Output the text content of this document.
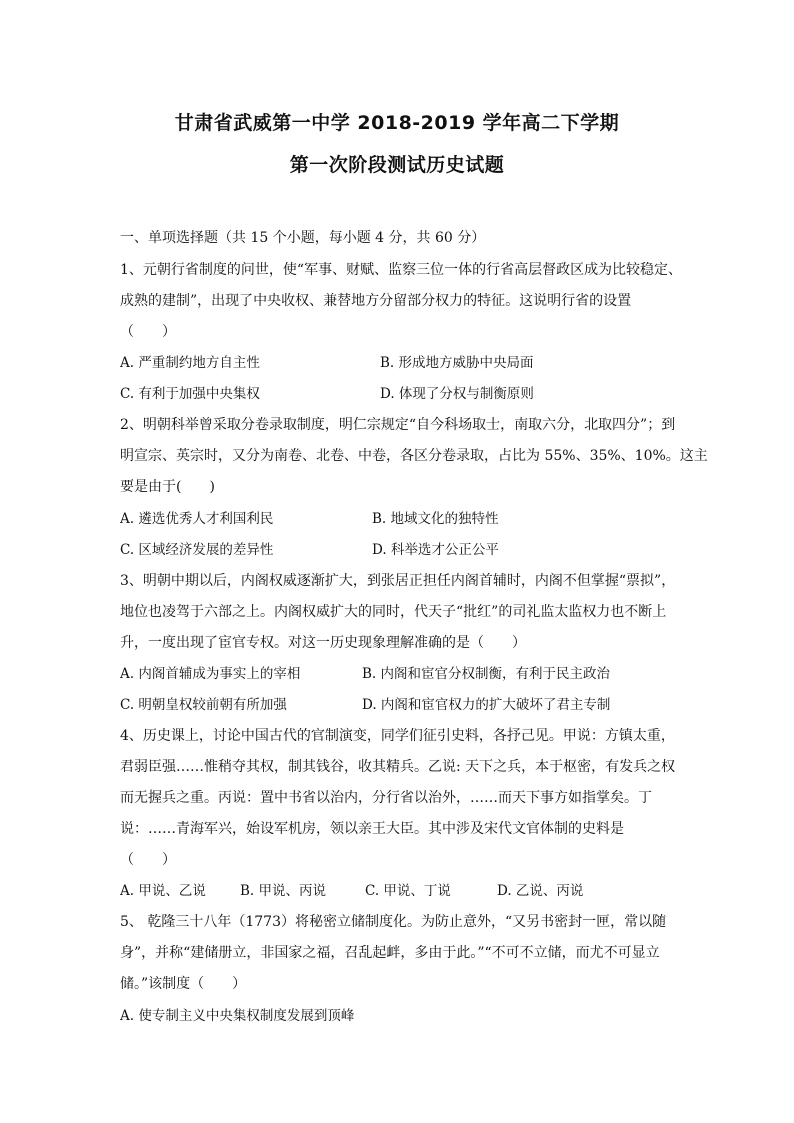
甘肃省武威第一中学 2018-2019 学年高二下学期
第一次阶段测试历史试题
一、单项选择题（共 15 个小题，每小题 4 分，共 60 分）
1、元朝行省制度的问世，使“军事、财赋、监察三位一体的行省高层督政区成为比较稳定、
成熟的建制”，出现了中央收权、兼替地方分留部分权力的特征。这说明行省的设置
（　　）
A. 严重制约地方自主性	B. 形成地方威胁中央局面
C. 有利于加强中央集权	D. 体现了分权与制衡原则
2、明朝科举曾采取分卷录取制度，明仁宗规定“自今科场取士，南取六分，北取四分”；到
明宣宗、英宗时，又分为南卷、北卷、中卷，各区分卷录取，占比为 55%、35%、10%。这主
要是由于(　　)
A. 遴选优秀人才利国利民	B. 地域文化的独特性
C. 区域经济发展的差异性	D. 科举选才公正公平
3、明朝中期以后，内阁权威逐渐扩大，到张居正担任内阁首辅时，内阁不但掌握“票拟”，
地位也凌驾于六部之上。内阁权威扩大的同时，代天子“批红”的司礼监太监权力也不断上
升，一度出现了宦官专权。对这一历史现象理解准确的是（　　）
A. 内阁首辅成为事实上的宰相	B. 内阁和宦官分权制衡，有利于民主政治
C. 明朝皇权较前朝有所加强	D. 内阁和宦官权力的扩大破坏了君主专制
4、历史课上，讨论中国古代的官制演变，同学们征引史料，各抒己见。甲说：方镇太重，
君弱臣强……惟稍夺其权，制其钱谷，收其精兵。乙说: 天下之兵，本于枢密，有发兵之权
而无握兵之重。丙说：置中书省以治内，分行省以治外，……而天下事方如指掌矣。丁
说：……青海军兴，始设军机房，领以亲王大臣。其中涉及宋代文官体制的史料是
（　　）
A. 甲说、乙说	B. 甲说、丙说	C. 甲说、丁说	D. 乙说、丙说
5、 乾隆三十八年（1773）将秘密立储制度化。为防止意外，“又另书密封一匣，常以随
身”，并称“建储册立，非国家之福，召乱起衅，多由于此。”“不可不立储，而尤不可显立
储。”该制度（　　）
A. 使专制主义中央集权制度发展到顶峰
